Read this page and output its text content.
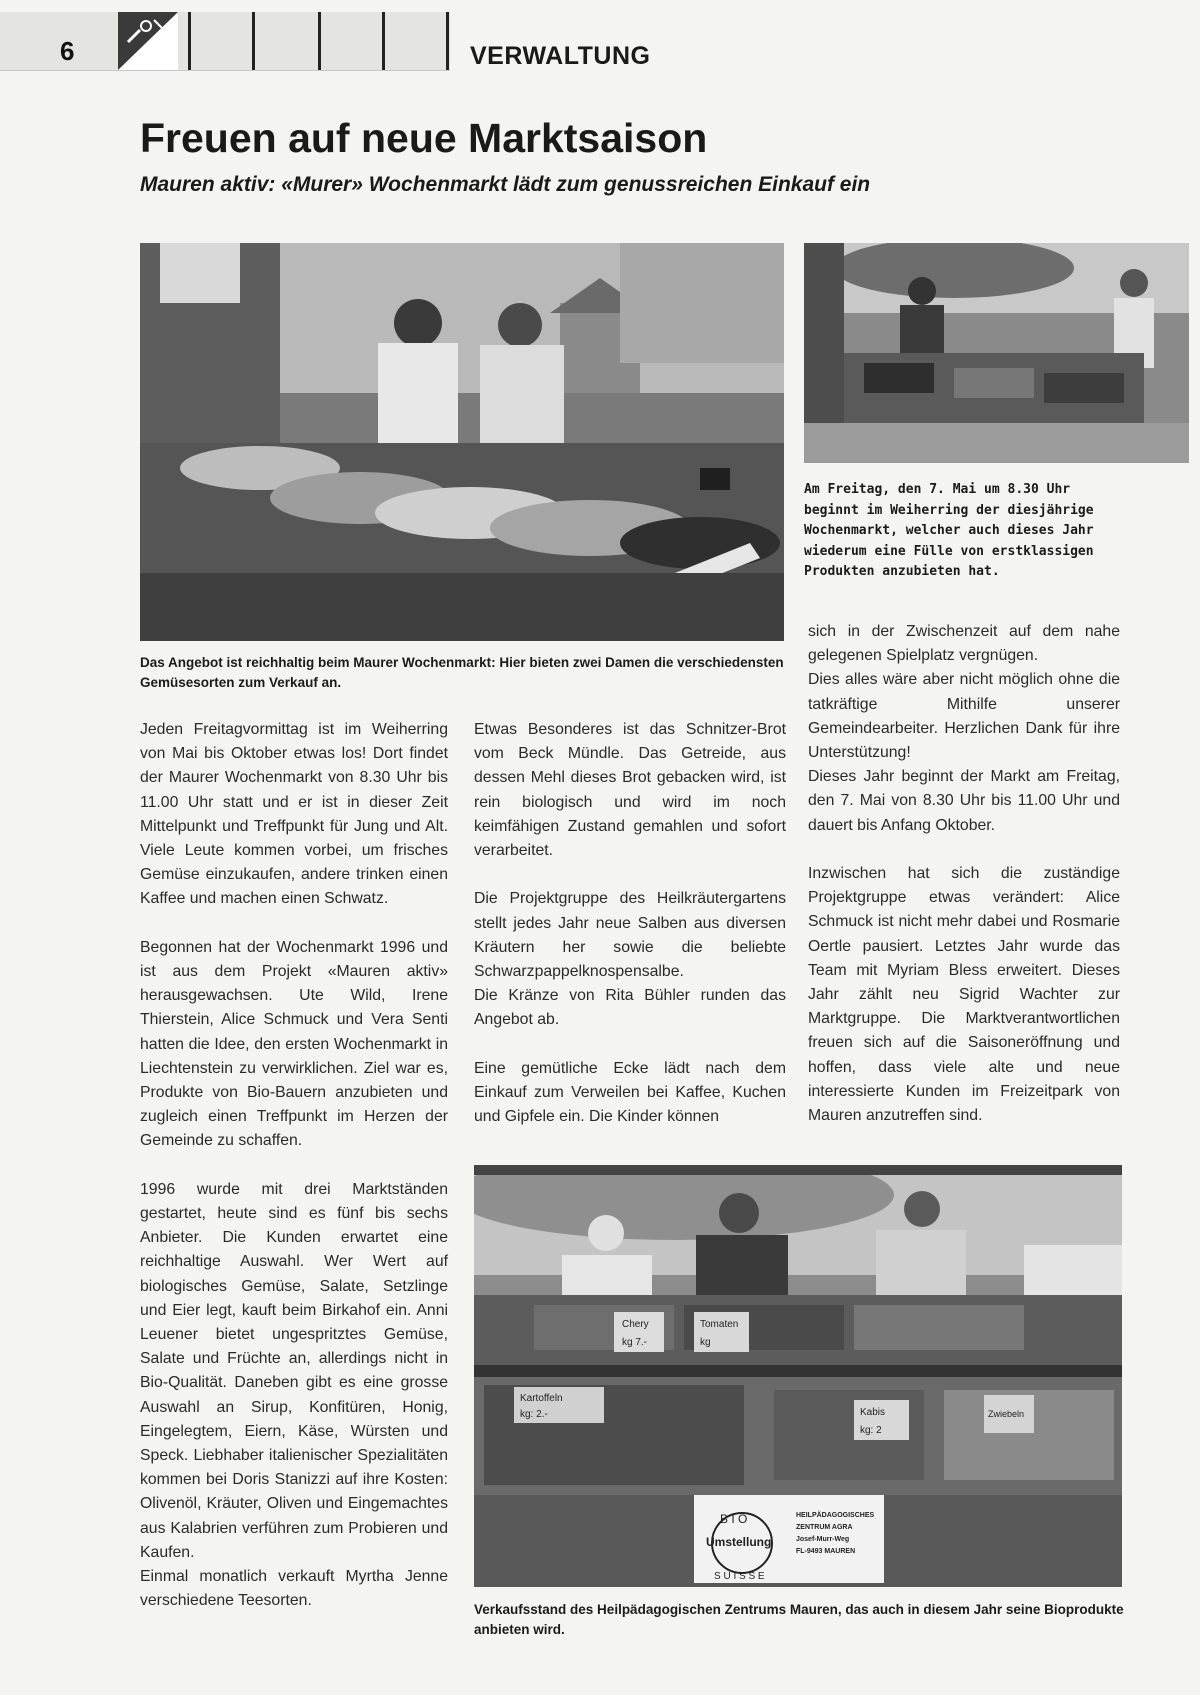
6	VERWALTUNG
Freuen auf neue Marktsaison
Mauren aktiv: «Murer» Wochenmarkt lädt zum genussreichen Einkauf ein
Am Freitag, den 7. Mai um 8.30 Uhr beginnt im Weiherring der diesjährige Wochenmarkt, welcher auch dieses Jahr wiederum eine Fülle von erstklassigen Produkten anzubieten hat.
Das Angebot ist reichhaltig beim Maurer Wochenmarkt: Hier bieten zwei Damen die verschiedensten Gemüsesorten zum Verkauf an.

Jeden Freitagvormittag ist im Weiherring von Mai bis Oktober etwas los! Dort findet der Maurer Wochenmarkt von 8.30 Uhr bis 11.00 Uhr statt und er ist in dieser Zeit Mittelpunkt und Treffpunkt für Jung und Alt. Viele Leute kommen vorbei, um frisches Gemüse einzukaufen, andere trinken einen Kaffee und machen einen Schwatz.

Begonnen hat der Wochenmarkt 1996 und ist aus dem Projekt «Mauren aktiv» herausgewachsen. Ute Wild, Irene Thierstein, Alice Schmuck und Vera Senti hatten die Idee, den ersten Wochenmarkt in Liechtenstein zu verwirklichen. Ziel war es, Produkte von Bio-Bauern anzubieten und zugleich einen Treffpunkt im Herzen der Gemeinde zu schaffen.

1996 wurde mit drei Marktständen gestartet, heute sind es fünf bis sechs Anbieter. Die Kunden erwartet eine reichhaltige Auswahl. Wer Wert auf biologisches Gemüse, Salate, Setzlinge und Eier legt, kauft beim Birkahof ein. Anni Leuener bietet ungespritztes Gemüse, Salate und Früchte an, allerdings nicht in Bio-Qualität. Daneben gibt es eine grosse Auswahl an Sirup, Konfitüren, Honig, Eingelegtem, Eiern, Käse, Würsten und Speck. Liebhaber italienischer Spezialitäten kommen bei Doris Stanizzi auf ihre Kosten: Olivenöl, Kräuter, Oliven und Eingemachtes aus Kalabrien verführen zum Probieren und Kaufen.

Einmal monatlich verkauft Myrtha Jenne verschiedene Teesorten.

Etwas Besonderes ist das Schnitzer-Brot vom Beck Mündle. Das Getreide, aus dessen Mehl dieses Brot gebacken wird, ist rein biologisch und wird im noch keimfähigen Zustand gemahlen und sofort verarbeitet.

Die Projektgruppe des Heilkräutergartens stellt jedes Jahr neue Salben aus diversen Kräutern her sowie die beliebte Schwarzpappelknospensalbe.

Die Kränze von Rita Bühler runden das Angebot ab.

Eine gemütliche Ecke lädt nach dem Einkauf zum Verweilen bei Kaffee, Kuchen und Gipfele ein. Die Kinder können

sich in der Zwischenzeit auf dem nahe gelegenen Spielplatz vergnügen.

Dies alles wäre aber nicht möglich ohne die tatkräftige Mithilfe unserer Gemeindearbeiter. Herzlichen Dank für ihre Unterstützung!

Dieses Jahr beginnt der Markt am Freitag, den 7. Mai von 8.30 Uhr bis 11.00 Uhr und dauert bis Anfang Oktober.

Inzwischen hat sich die zuständige Projektgruppe etwas verändert: Alice Schmuck ist nicht mehr dabei und Rosmarie Oertle pausiert. Letztes Jahr wurde das Team mit Myriam Bless erweitert. Dieses Jahr zählt neu Sigrid Wachter zur Marktgruppe. Die Marktverantwortlichen freuen sich auf die Saisoneröffnung und hoffen, dass viele alte und neue interessierte Kunden im Freizeitpark von Mauren anzutreffen sind.

Chery
kg 7.-
Tomaten
kg
Kartoffeln
kg: 2.-	Kabis
kg: 2
Zwiebeln
B I O
Umstellung
S U I S S E
HEILPÄDAGOGISCHES
ZENTRUM AGRA
Josef-Murr-Weg
FL-9493 MAUREN
Verkaufsstand des Heilpädagogischen Zentrums Mauren, das auch in diesem Jahr seine Bioprodukte anbieten wird.
